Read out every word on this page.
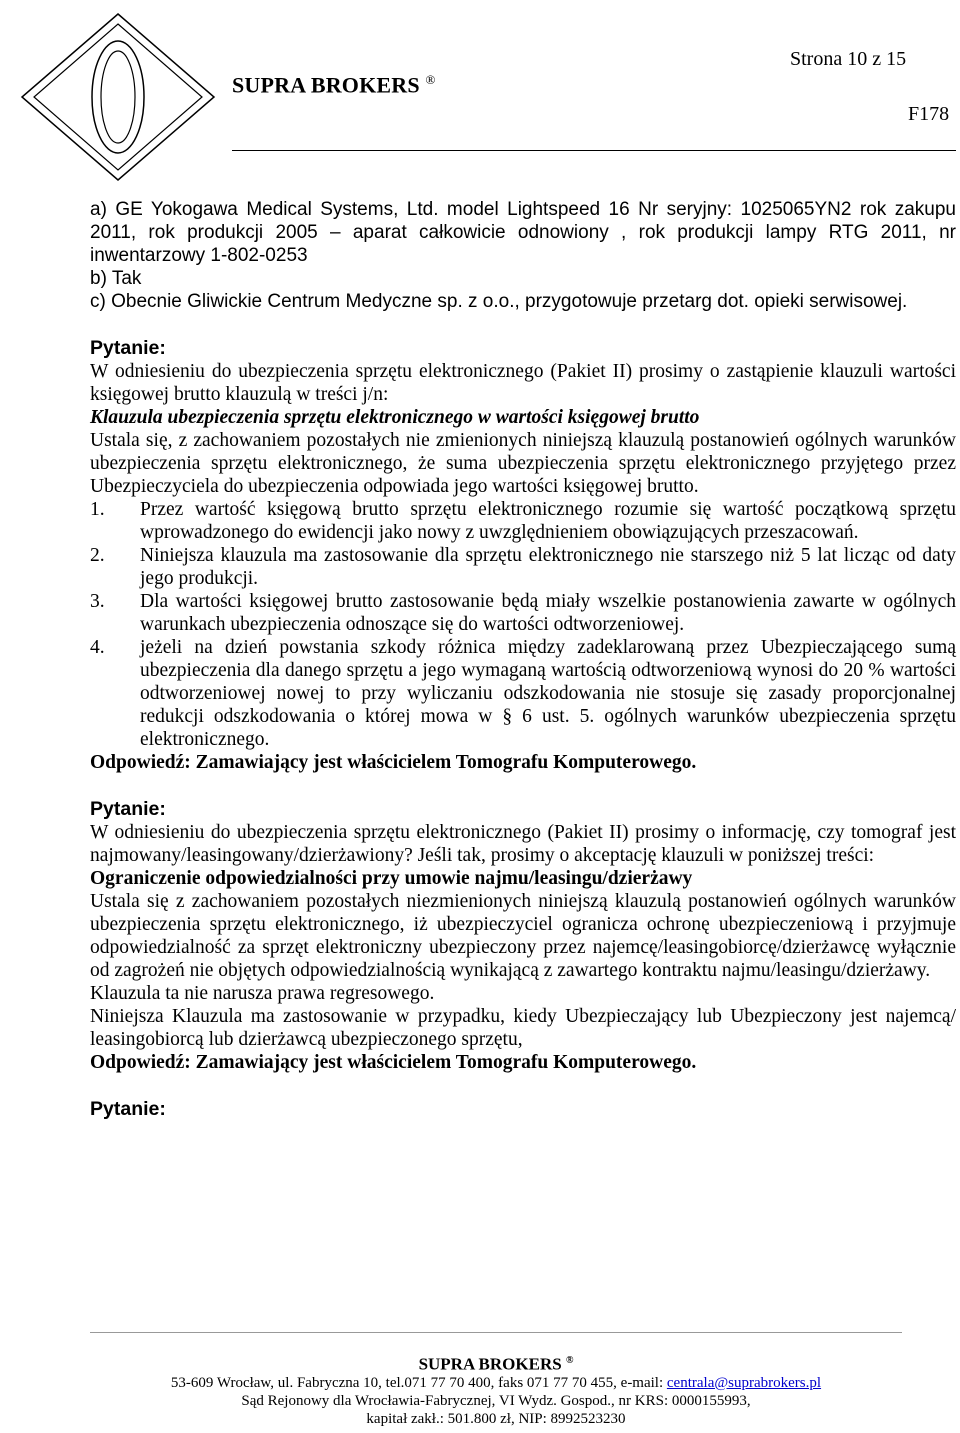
SUPRA BROKERS ®
Strona 10 z 15
F178

a) GE Yokogawa Medical Systems, Ltd. model Lightspeed 16 Nr seryjny: 1025065YN2 rok zakupu 2011, rok produkcji 2005 – aparat całkowicie odnowiony , rok produkcji lampy RTG 2011, nr inwentarzowy 1-802-0253

b) Tak

c) Obecnie Gliwickie Centrum Medyczne sp. z o.o., przygotowuje przetarg dot. opieki serwisowej.

Pytanie:

W odniesieniu do ubezpieczenia sprzętu elektronicznego (Pakiet II) prosimy o zastąpienie klauzuli wartości księgowej brutto klauzulą w treści j/n:

Klauzula ubezpieczenia sprzętu elektronicznego w wartości księgowej brutto

Ustala się, z zachowaniem pozostałych nie zmienionych niniejszą klauzulą postanowień ogólnych warunków ubezpieczenia sprzętu elektronicznego, że suma ubezpieczenia sprzętu elektronicznego przyjętego przez Ubezpieczyciela do ubezpieczenia odpowiada jego wartości księgowej brutto.

1.	Przez wartość księgową brutto sprzętu elektronicznego rozumie się wartość początkową sprzętu wprowadzonego do ewidencji jako nowy z uwzględnieniem obowiązujących przeszacowań.
2.	Niniejsza klauzula ma zastosowanie dla sprzętu elektronicznego nie starszego niż 5 lat licząc od daty jego produkcji.
3.	Dla wartości księgowej brutto zastosowanie będą miały wszelkie postanowienia zawarte w ogólnych warunkach ubezpieczenia odnoszące się do wartości odtworzeniowej.
4.	jeżeli na dzień powstania szkody różnica między zadeklarowaną przez Ubezpieczającego sumą ubezpieczenia dla danego sprzętu a jego wymaganą wartością odtworzeniową wynosi do 20 % wartości odtworzeniowej nowej to przy wyliczaniu odszkodowania nie stosuje się zasady proporcjonalnej redukcji odszkodowania o której mowa w § 6 ust. 5. ogólnych warunków ubezpieczenia sprzętu elektronicznego.

Odpowiedź: Zamawiający jest właścicielem Tomografu Komputerowego.

Pytanie:

W odniesieniu do ubezpieczenia sprzętu elektronicznego (Pakiet II) prosimy o informację, czy tomograf jest najmowany/leasingowany/dzierżawiony? Jeśli tak, prosimy o akceptację klauzuli w poniższej treści:

Ograniczenie odpowiedzialności przy umowie najmu/leasingu/dzierżawy

Ustala się z zachowaniem pozostałych niezmienionych niniejszą klauzulą postanowień ogólnych warunków ubezpieczenia sprzętu elektronicznego, iż ubezpieczyciel ogranicza ochronę ubezpieczeniową i przyjmuje odpowiedzialność za sprzęt elektroniczny ubezpieczony przez najemcę/leasingobiorcę/dzierżawcę wyłącznie od zagrożeń nie objętych odpowiedzialnością wynikającą z zawartego kontraktu najmu/leasingu/dzierżawy.

Klauzula ta nie narusza prawa regresowego.

Niniejsza Klauzula ma zastosowanie w przypadku, kiedy Ubezpieczający lub Ubezpieczony jest najemcą/ leasingobiorcą lub dzierżawcą ubezpieczonego sprzętu,

Odpowiedź: Zamawiający jest właścicielem Tomografu Komputerowego.

Pytanie:

SUPRA BROKERS ®
53-609 Wrocław, ul. Fabryczna 10, tel.071 77 70 400, faks 071 77 70 455, e-mail: centrala@suprabrokers.pl
Sąd Rejonowy dla Wrocławia-Fabrycznej, VI Wydz. Gospod., nr KRS: 0000155993,
kapitał zakł.: 501.800 zł, NIP: 8992523230
